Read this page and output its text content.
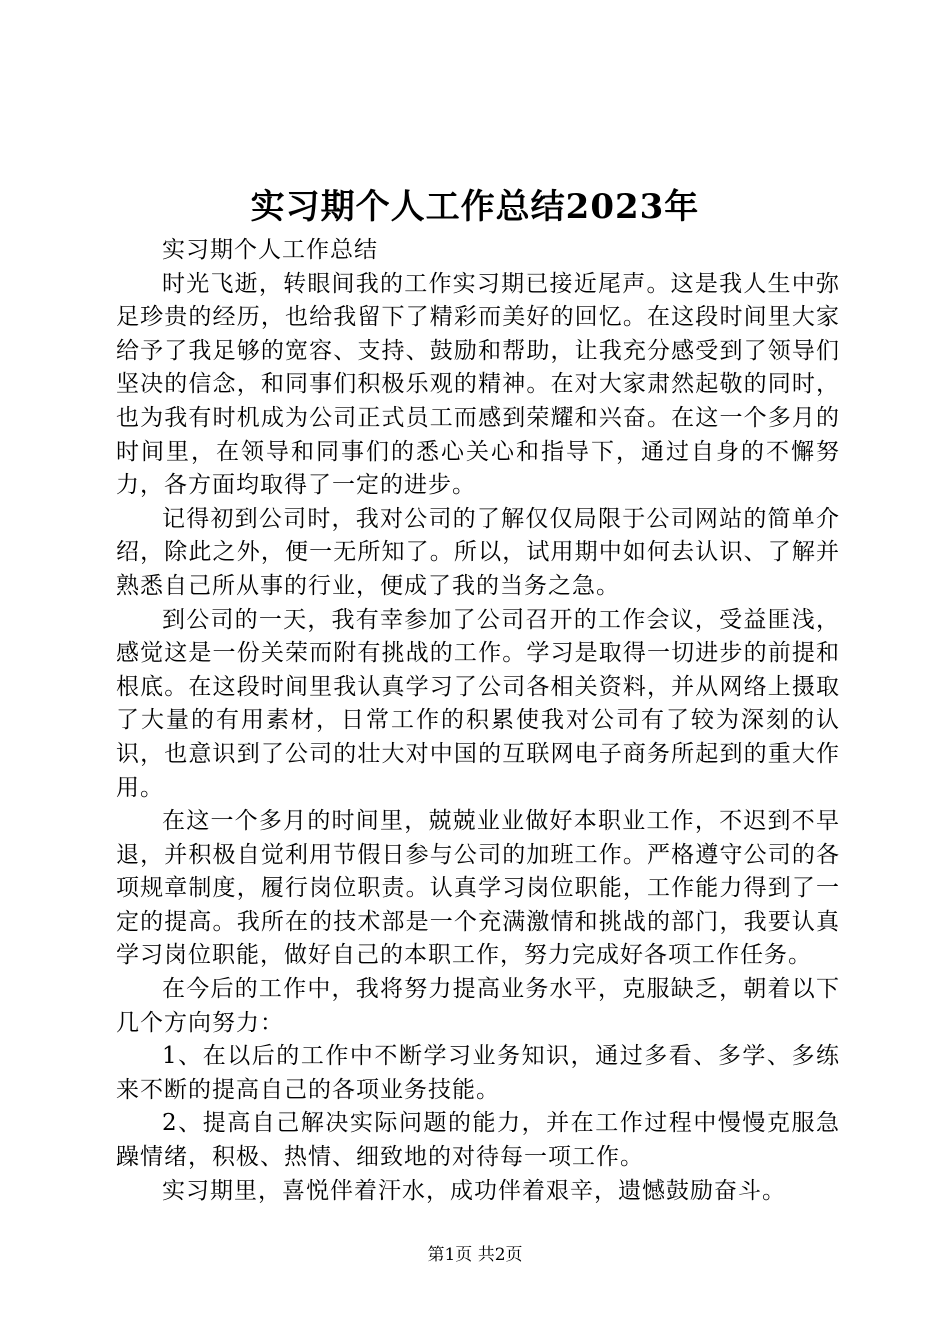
实习期个人工作总结2023年

实习期个人工作总结

时光飞逝，转眼间我的工作实习期已接近尾声。这是我人生中弥足珍贵的经历，也给我留下了精彩而美好的回忆。在这段时间里大家给予了我足够的宽容、支持、鼓励和帮助，让我充分感受到了领导们坚决的信念，和同事们积极乐观的精神。在对大家肃然起敬的同时，也为我有时机成为公司正式员工而感到荣耀和兴奋。在这一个多月的时间里，在领导和同事们的悉心关心和指导下，通过自身的不懈努力，各方面均取得了一定的进步。

记得初到公司时，我对公司的了解仅仅局限于公司网站的简单介绍，除此之外，便一无所知了。所以，试用期中如何去认识、了解并熟悉自己所从事的行业，便成了我的当务之急。

到公司的一天，我有幸参加了公司召开的工作会议，受益匪浅，感觉这是一份关荣而附有挑战的工作。学习是取得一切进步的前提和根底。在这段时间里我认真学习了公司各相关资料，并从网络上摄取了大量的有用素材，日常工作的积累使我对公司有了较为深刻的认识，也意识到了公司的壮大对中国的互联网电子商务所起到的重大作用。

在这一个多月的时间里，兢兢业业做好本职业工作，不迟到不早退，并积极自觉利用节假日参与公司的加班工作。严格遵守公司的各项规章制度，履行岗位职责。认真学习岗位职能，工作能力得到了一定的提高。我所在的技术部是一个充满激情和挑战的部门，我要认真学习岗位职能，做好自己的本职工作，努力完成好各项工作任务。

在今后的工作中，我将努力提高业务水平，克服缺乏，朝着以下几个方向努力：

1、在以后的工作中不断学习业务知识，通过多看、多学、多练来不断的提高自己的各项业务技能。

2、提高自己解决实际问题的能力，并在工作过程中慢慢克服急躁情绪，积极、热情、细致地的对待每一项工作。

实习期里，喜悦伴着汗水，成功伴着艰辛，遗憾鼓励奋斗。

第1页 共2页
